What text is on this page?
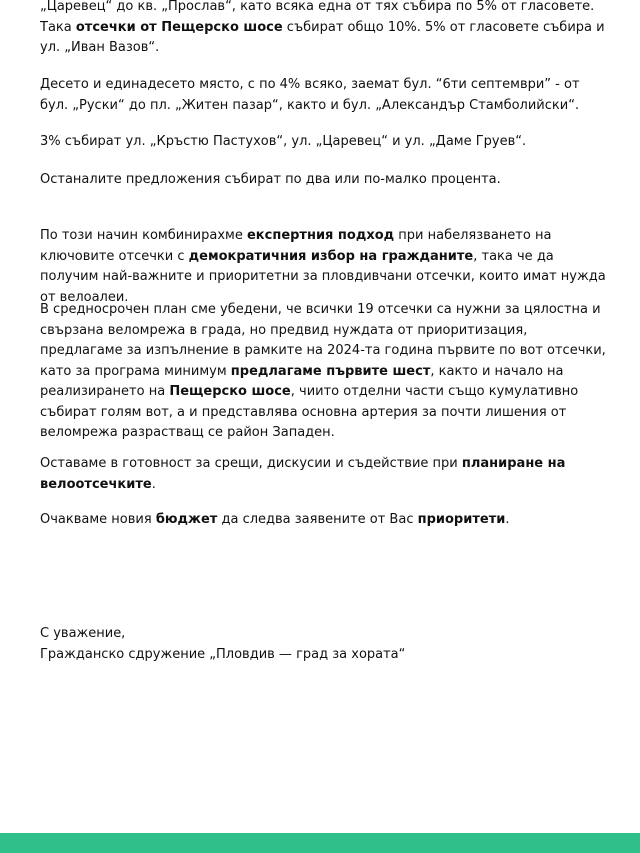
„Царевец“ до кв. „Прослав“, като всяка една от тях събира по 5% от гласовете. Така отсечки от Пещерско шосе събират общо 10%. 5% от гласовете събира и ул. „Иван Вазов“.

Десето и единадесето място, с по 4% всяко, заемат бул. “6ти септември” - от бул. „Руски“ до пл. „Житен пазар“, както и бул. „Александър Стамболийски“.

3% събират ул. „Кръстю Пастухов“, ул. „Царевец“ и ул. „Даме Груев“.

Останалите предложения събират по два или по-малко процента.

По този начин комбинирахме експертния подход при набелязването на ключовите отсечки с демократичния избор на гражданите, така че да получим най-важните и приоритетни за пловдивчани отсечки, които имат нужда от велоалеи.

В средносрочен план сме убедени, че всички 19 отсечки са нужни за цялостна и свързана веломрежа в града, но предвид нуждата от приоритизация, предлагаме за изпълнение в рамките на 2024-та година първите по вот отсечки, като за програма минимум предлагаме първите шест, както и начало на реализирането на Пещерско шосе, чиито отделни части също кумулативно събират голям вот, а и представлява основна артерия за почти лишения от веломрежа разрастващ се район Западен.

Оставаме в готовност за срещи, дискусии и съдействие при планиране на велоотсечките.

Очакваме новия бюджет да следва заявените от Вас приоритети.

С уважение,
Гражданско сдружение „Пловдив — град за хората“
